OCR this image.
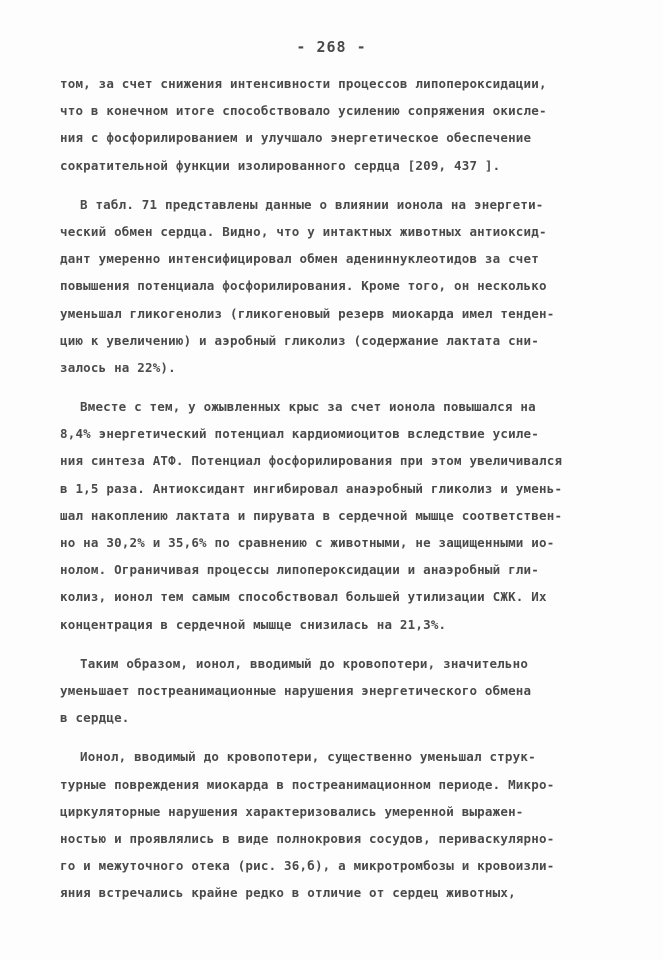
- 268 -
том, за счет снижения интенсивности процессов липопероксидации,
что в конечном итоге способствовало усилению сопряжения окисле-
ния с фосфорилированием и улучшало энергетическое обеспечение
сократительной функции изолированного сердца [209, 437 ].
В табл. 71 представлены данные о влиянии ионола на энергети-
ческий обмен сердца. Видно, что у интактных животных антиоксид-
дант умеренно интенсифицировал обмен адениннуклеотидов за счет
повышения потенциала фосфорилирования. Кроме того, он несколько
уменьшал гликогенолиз (гликогеновый резерв миокарда имел тенден-
цию к увеличению) и аэробный гликолиз (содержание лактата сни-
залось на 22%).
Вместе с тем, у ожывленных крыс за счет ионола повышался на
8,4% энергетический потенциал кардиомиоцитов вследствие усиле-
ния синтеза АТФ. Потенциал фосфорилирования при этом увеличивался
в 1,5 раза. Антиоксидант ингибировал анаэробный гликолиз и умень-
шал накоплению лактата и пирувата в сердечной мышце соответствен-
но на 30,2% и 35,6% по сравнению с животными, не защищенными ио-
нолом. Ограничивая процессы липопероксидации и анаэробный гли-
колиз, ионол тем самым способствовал большей утилизации СЖК. Их
концентрация в сердечной мышце снизилась на 21,3%.
Таким образом, ионол, вводимый до кровопотери, значительно
уменьшает постреанимационные нарушения энергетического обмена
в сердце.
Ионол, вводимый до кровопотери, существенно уменьшал струк-
турные повреждения миокарда в постреанимационном периоде. Микро-
циркуляторные нарушения характеризовались умеренной выражен-
ностью и проявлялись в виде полнокровия сосудов, периваскулярно-
го и межуточного отека (рис. 36,б), а микротромбозы и кровоизли-
яния встречались крайне редко в отличие от сердец животных,
